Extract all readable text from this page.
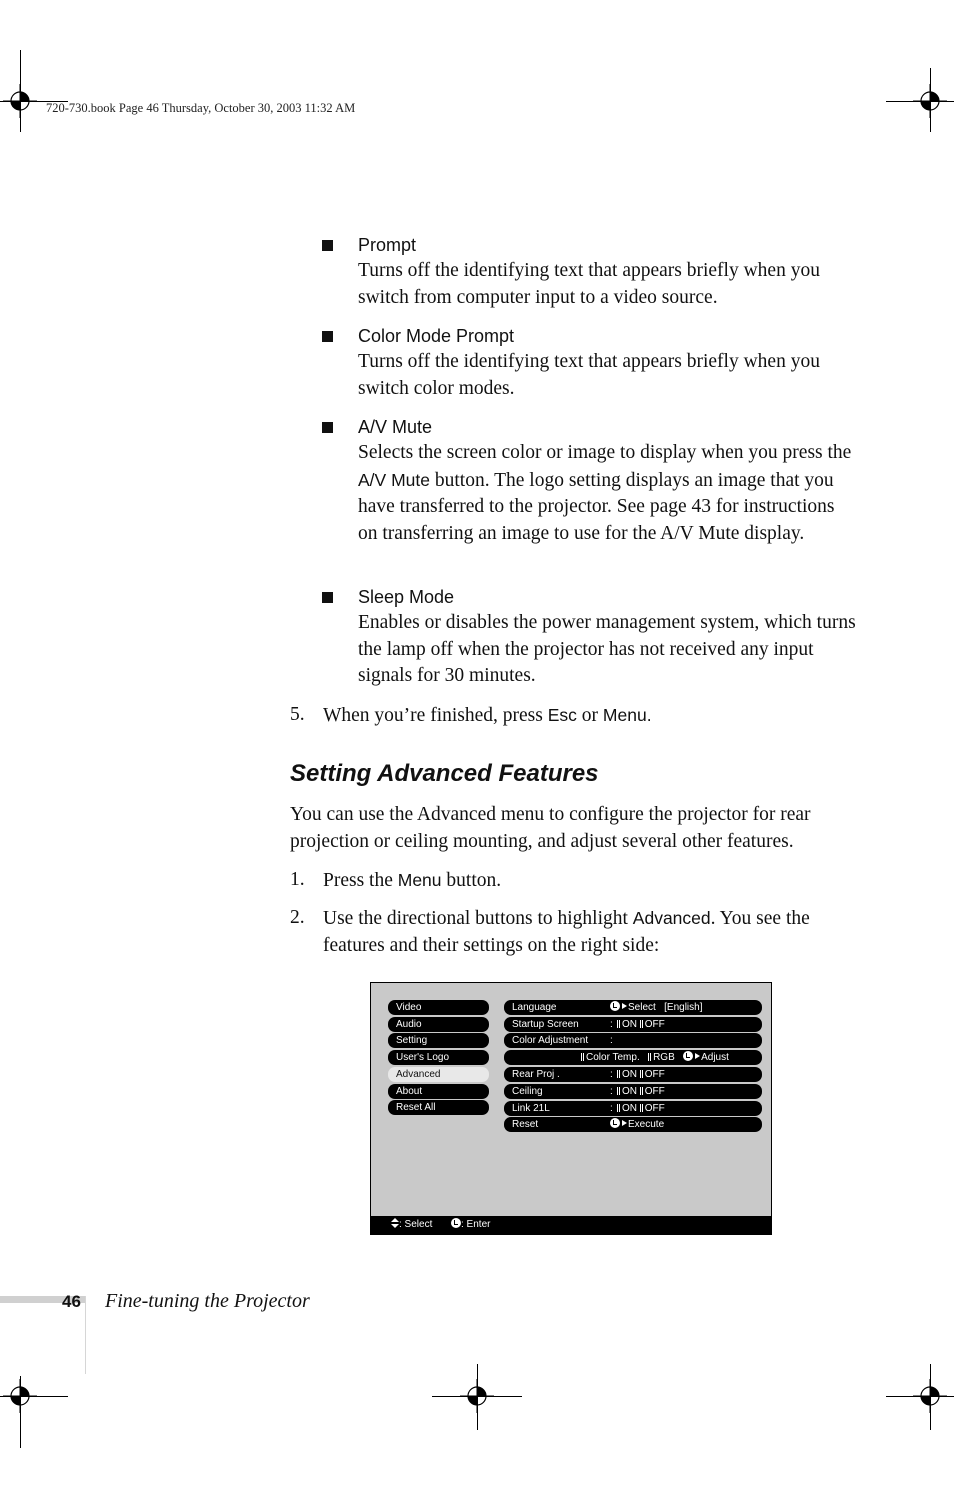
720-730.book Page 46 Thursday, October 30, 2003 11:32 AM
Prompt
Turns off the identifying text that appears briefly when you switch from computer input to a video source.
Color Mode Prompt
Turns off the identifying text that appears briefly when you switch color modes.
A/V Mute
Selects the screen color or image to display when you press the A/V Mute button. The logo setting displays an image that you have transferred to the projector. See page 43 for instructions on transferring an image to use for the A/V Mute display.
Sleep Mode
Enables or disables the power management system, which turns the lamp off when the projector has not received any input signals for 30 minutes.
5. When you’re finished, press Esc or Menu.
Setting Advanced Features
You can use the Advanced menu to configure the projector for rear projection or ceiling mounting, and adjust several other features.
1. Press the Menu button.
2. Use the directional buttons to highlight Advanced. You see the features and their settings on the right side:
Video
Audio
Setting
User's Logo
Advanced
About
Reset All
Language	Select [English]
Startup Screen	: ON OFF
Color Adjustment :
Color Temp. RGB	Adjust
Rear Proj .	: ON OFF
Ceiling	: ON OFF
Link 21L	: ON OFF
Reset	Execute
: Select	: Enter
46 Fine-tuning the Projector
